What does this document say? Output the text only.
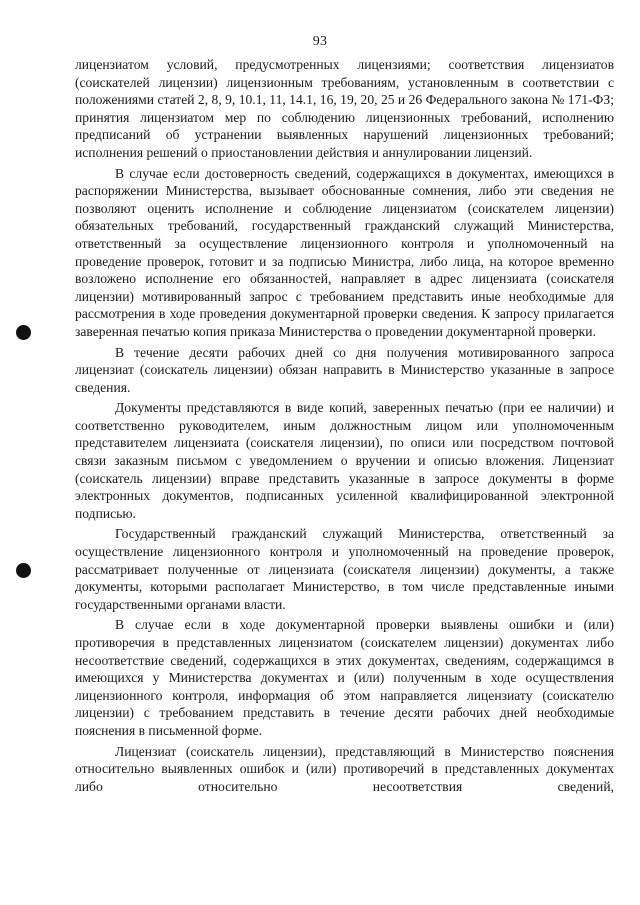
93

лицензиатом условий, предусмотренных лицензиями; соответствия лицензиатов (соискателей лицензии) лицензионным требованиям, установленным в соответствии с положениями статей 2, 8, 9, 10.1, 11, 14.1, 16, 19, 20, 25 и 26 Федерального закона № 171-ФЗ; принятия лицензиатом мер по соблюдению лицензионных требований, исполнению предписаний об устранении выявленных нарушений лицензионных требований; исполнения решений о приостановлении действия и аннулировании лицензий.

В случае если достоверность сведений, содержащихся в документах, имеющихся в распоряжении Министерства, вызывает обоснованные сомнения, либо эти сведения не позволяют оценить исполнение и соблюдение лицензиатом (соискателем лицензии) обязательных требований, государственный гражданский служащий Министерства, ответственный за осуществление лицензионного контроля и уполномоченный на проведение проверок, готовит и за подписью Министра, либо лица, на которое временно возложено исполнение его обязанностей, направляет в адрес лицензиата (соискателя лицензии) мотивированный запрос с требованием представить иные необходимые для рассмотрения в ходе проведения документарной проверки сведения. К запросу прилагается заверенная печатью копия приказа Министерства о проведении документарной проверки.

В течение десяти рабочих дней со дня получения мотивированного запроса лицензиат (соискатель лицензии) обязан направить в Министерство указанные в запросе сведения.

Документы представляются в виде копий, заверенных печатью (при ее наличии) и соответственно руководителем, иным должностным лицом или уполномоченным представителем лицензиата (соискателя лицензии), по описи или посредством почтовой связи заказным письмом с уведомлением о вручении и описью вложения. Лицензиат (соискатель лицензии) вправе представить указанные в запросе документы в форме электронных документов, подписанных усиленной квалифицированной электронной подписью.

Государственный гражданский служащий Министерства, ответственный за осуществление лицензионного контроля и уполномоченный на проведение проверок, рассматривает полученные от лицензиата (соискателя лицензии) документы, а также документы, которыми располагает Министерство, в том числе представленные иными государственными органами власти.

В случае если в ходе документарной проверки выявлены ошибки и (или) противоречия в представленных лицензиатом (соискателем лицензии) документах либо несоответствие сведений, содержащихся в этих документах, сведениям, содержащимся в имеющихся у Министерства документах и (или) полученным в ходе осуществления лицензионного контроля, информация об этом направляется лицензиату (соискателю лицензии) с требованием представить в течение десяти рабочих дней необходимые пояснения в письменной форме.

Лицензиат (соискатель лицензии), представляющий в Министерство пояснения относительно выявленных ошибок и (или) противоречий в представленных документах либо относительно несоответствия сведений,
